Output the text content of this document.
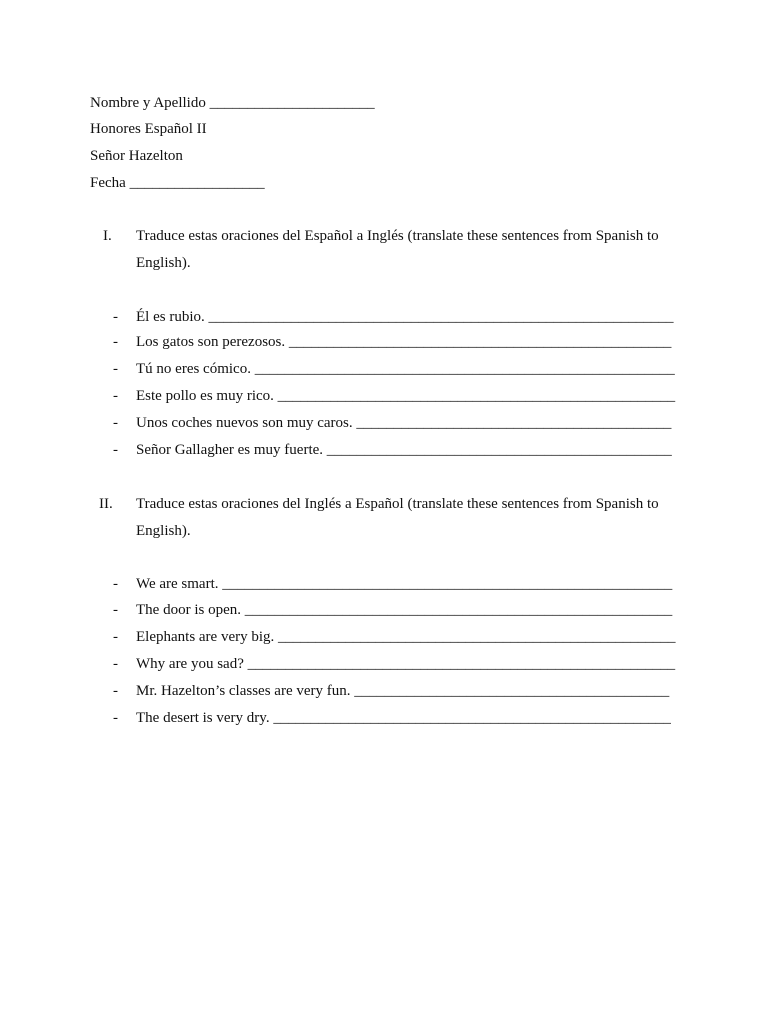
Nombre y Apellido ______________________
Honores Español II
Señor Hazelton
Fecha __________________
I. Traduce estas oraciones del Español a Inglés (translate these sentences from Spanish to English).
- Él es rubio. ______________________________________________________________
- Los gatos son perezosos. ___________________________________________________
- Tú no eres cómico. ________________________________________________________
- Este pollo es muy rico. _____________________________________________________
- Unos coches nuevos son muy caros. __________________________________________
- Señor Gallagher es muy fuerte. ______________________________________________
II. Traduce estas oraciones del Inglés a Español (translate these sentences from Spanish to English).
- We are smart. ____________________________________________________________
- The door is open. _________________________________________________________
- Elephants are very big. _____________________________________________________
- Why are you sad? _________________________________________________________
- Mr. Hazelton’s classes are very fun. __________________________________________
- The desert is very dry. _____________________________________________________
